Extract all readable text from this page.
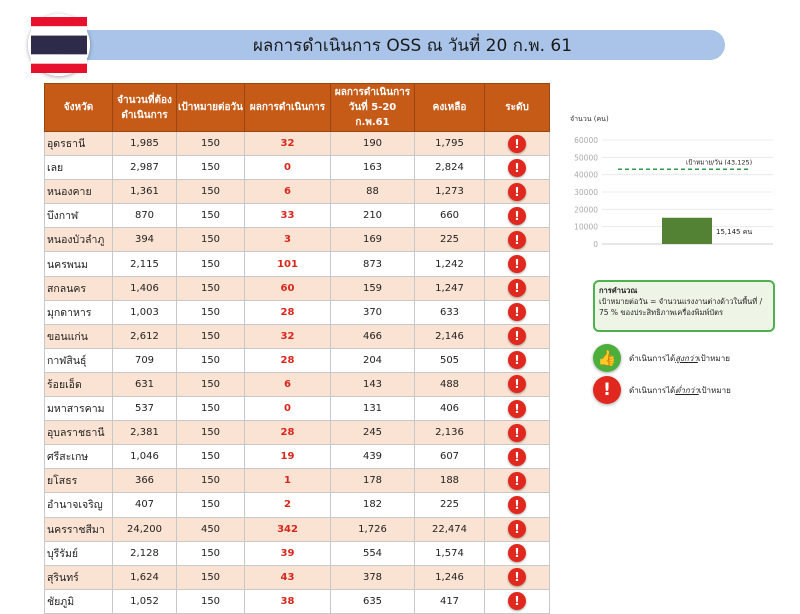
ผลการดำเนินการ OSS ณ วันที่ 20 ก.พ. 61
จังหวัด	จำนวนที่ต้องดำเนินการ	เป้าหมายต่อวัน	ผลการดำเนินการ	ผลการดำเนินการ วันที่ 5-20 ก.พ.61	คงเหลือ	ระดับ
อุดรธานี	1,985	150	32	190	1,795	!
เลย	2,987	150	0	163	2,824	!
หนองคาย	1,361	150	6	88	1,273	!
บึงกาฬ	870	150	33	210	660	!
หนองบัวลำภู	394	150	3	169	225	!
นครพนม	2,115	150	101	873	1,242	!
สกลนคร	1,406	150	60	159	1,247	!
มุกดาหาร	1,003	150	28	370	633	!
ขอนแก่น	2,612	150	32	466	2,146	!
กาฬสินธุ์	709	150	28	204	505	!
ร้อยเอ็ด	631	150	6	143	488	!
มหาสารคาม	537	150	0	131	406	!
อุบลราชธานี	2,381	150	28	245	2,136	!
ศรีสะเกษ	1,046	150	19	439	607	!
ยโสธร	366	150	1	178	188	!
อำนาจเจริญ	407	150	2	182	225	!
นครราชสีมา	24,200	450	342	1,726	22,474	!
บุรีรัมย์	2,128	150	39	554	1,574	!
สุรินทร์	1,624	150	43	378	1,246	!
ชัยภูมิ	1,052	150	38	635	417	!
จำนวน (คน)
0
10000
20000
30000
40000
50000
60000
15,145 คน
เป้าหมาย/วัน (43,125)
การคำนวณ
เป้าหมายต่อวัน = จำนวนแรงงานต่างด้าวในพื้นที่ / 75 % ของประสิทธิภาพเครื่องพิมพ์บัตร
👍	ดำเนินการได้สูงกว่าเป้าหมาย
!	ดำเนินการได้ต่ำกว่าเป้าหมาย
